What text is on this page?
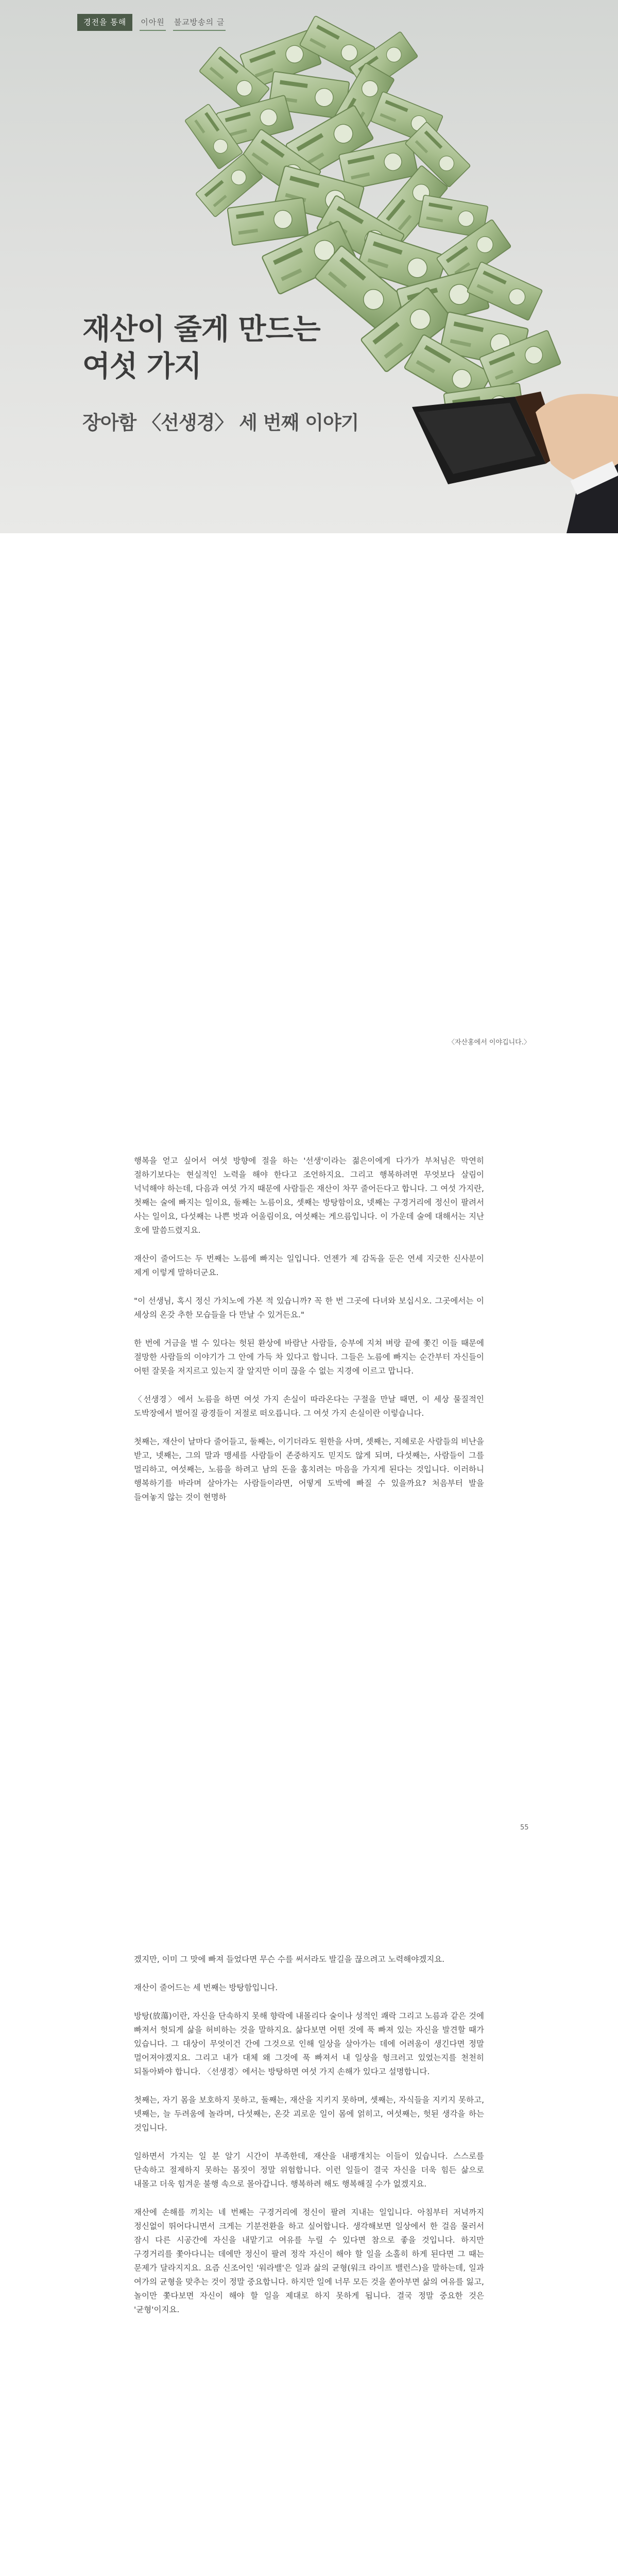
경전을 통해	이아원 불교방송의 글
재산이 줄게 만드는
여섯 가지
장아함 〈선생경〉 세 번째 이야기
〈자산홍에서 이야깁니다.〉

행복을 얻고 싶어서 여섯 방향에 절을 하는 '선생'이라는 젊은이에게 다가가 부처님은 막연히 절하기보다는 현실적인 노력을 해야 한다고 조언하지요. 그리고 행복하려면 무엇보다 살림이 넉넉해야 하는데, 다음과 여섯 가지 때문에 사람들은 재산이 차꾸 줄어든다고 합니다. 그 여섯 가지란, 첫째는 술에 빠지는 일이요, 둘째는 노름이요, 셋째는 방탕함이요, 넷째는 구경거리에 정신이 팔려서 사는 일이요, 다섯째는 나쁜 벗과 어울림이요, 여섯째는 게으름입니다. 이 가운데 술에 대해서는 지난 호에 말씀드렸지요.

재산이 줄어드는 두 번째는 노름에 빠지는 일입니다. 언젠가 제 감독을 둔은 연세 지긋한 신사분이 제게 이렇게 말하더군요.

"이 선생님, 혹시 정신 가치노에 가본 적 있습니까? 꼭 한 번 그곳에 다녀와 보십시오. 그곳에서는 이 세상의 온갖 추한 모습들을 다 만날 수 있거든요."

한 번에 거금을 벌 수 있다는 헛된 환상에 바람난 사람들, 승부에 지쳐 벼랑 끝에 쫓긴 이들 때문에 절망한 사람들의 이야기가 그 안에 가득 차 있다고 합니다. 그들은 노름에 빠지는 순간부터 자신들이 어떤 잘못을 저지르고 있는지 잘 알지만 이미 끊을 수 없는 지경에 이르고 맙니다.

〈선생경〉에서 노름을 하면 여섯 가지 손실이 따라온다는 구절을 만날 때면, 이 세상 물질적인 도박장에서 벌어질 광경들이 저절로 떠오릅니다. 그 여섯 가지 손실이란 이렇습니다.

첫째는, 재산이 날마다 줄어들고, 둘째는, 이기더라도 원한을 사며, 셋째는, 지혜로운 사람들의 비난을 받고, 넷째는, 그의 말과 맹세를 사람들이 존중하지도 믿지도 않게 되며, 다섯째는, 사람들이 그를 멀리하고, 여섯째는, 노름을 하려고 남의 돈을 훔치려는 마음을 가지게 된다는 것입니다. 이러하니 행복하기를 바라며 살아가는 사람들이라면, 어떻게 도박에 빠질 수 있을까요? 처음부터 발을 들여놓지 않는 것이 현명하

55

겠지만, 이미 그 맛에 빠져 들었다면 무슨 수를 써서라도 발길을 끊으려고 노력해야겠지요.

재산이 줄어드는 세 번째는 방탕함입니다.

방탕(放蕩)이란, 자신을 단속하지 못해 향락에 내몰리다 술이나 성적인 쾌락 그리고 노름과 같은 것에 빠져서 헛되게 삶을 허비하는 것을 말하지요. 삶다보면 어떤 것에 푹 빠져 있는 자신을 발견할 때가 있습니다. 그 대상이 무엇이건 간에 그것으로 인해 일상을 살아가는 데에 어려움이 생긴다면 정말 멀어져야겠지요. 그리고 내가 대체 왜 그것에 푹 빠져서 내 일상을 헝크러고 있었는지를 천천히 되돌아봐야 합니다. 〈선생경〉에서는 방탕하면 여섯 가지 손해가 있다고 설명합니다.

첫째는, 자기 몸을 보호하지 못하고, 둘째는, 재산을 지키지 못하며, 셋째는, 자식들을 지키지 못하고, 넷째는, 늘 두려움에 놀라며, 다섯째는, 온갖 괴로운 일이 몸에 얽히고, 여섯째는, 헛된 생각을 하는 것입니다.

일하면서 가지는 일 분 알기 시간이 부족한데, 재산을 내팽개치는 이들이 있습니다. 스스로를 단속하고 절제하지 못하는 몸짓이 정말 위험합니다. 이런 일들이 결국 자신을 더욱 힘든 삶으로 내몰고 더욱 힘겨운 불행 속으로 몰아갑니다. 행복하려 해도 행복해질 수가 없겠지요.

재산에 손해를 끼치는 네 번째는 구경거리에 정신이 팔려 지내는 일입니다. 아침부터 저녁까지 정신없이 뛰어다니면서 크게는 기분전환을 하고 싶어합니다. 생각해보면 일상에서 한 걸음 물러서 잠시 다른 시공간에 자신을 내맡기고 여유를 누릴 수 있다면 참으로 좋을 것입니다. 하지만 구경거리를 쫓아다니는 데에만 정신이 팔려 정작 자신이 해야 할 일을 소홀히 하게 된다면 그 때는 문제가 달라지지요. 요즘 신조어인 '워라밸'은 일과 삶의 균형(워크 라이프 밸런스)을 말하는데, 일과 여가의 균형을 맞추는 것이 정말 중요합니다. 하지만 일에 너무 모든 것을 쏟아부면 삶의 여유를 잃고, 놀이만 쫓다보면 자신이 해야 할 일을 제대로 하지 못하게 됩니다. 결국 정말 중요한 것은 '균형'이지요.
